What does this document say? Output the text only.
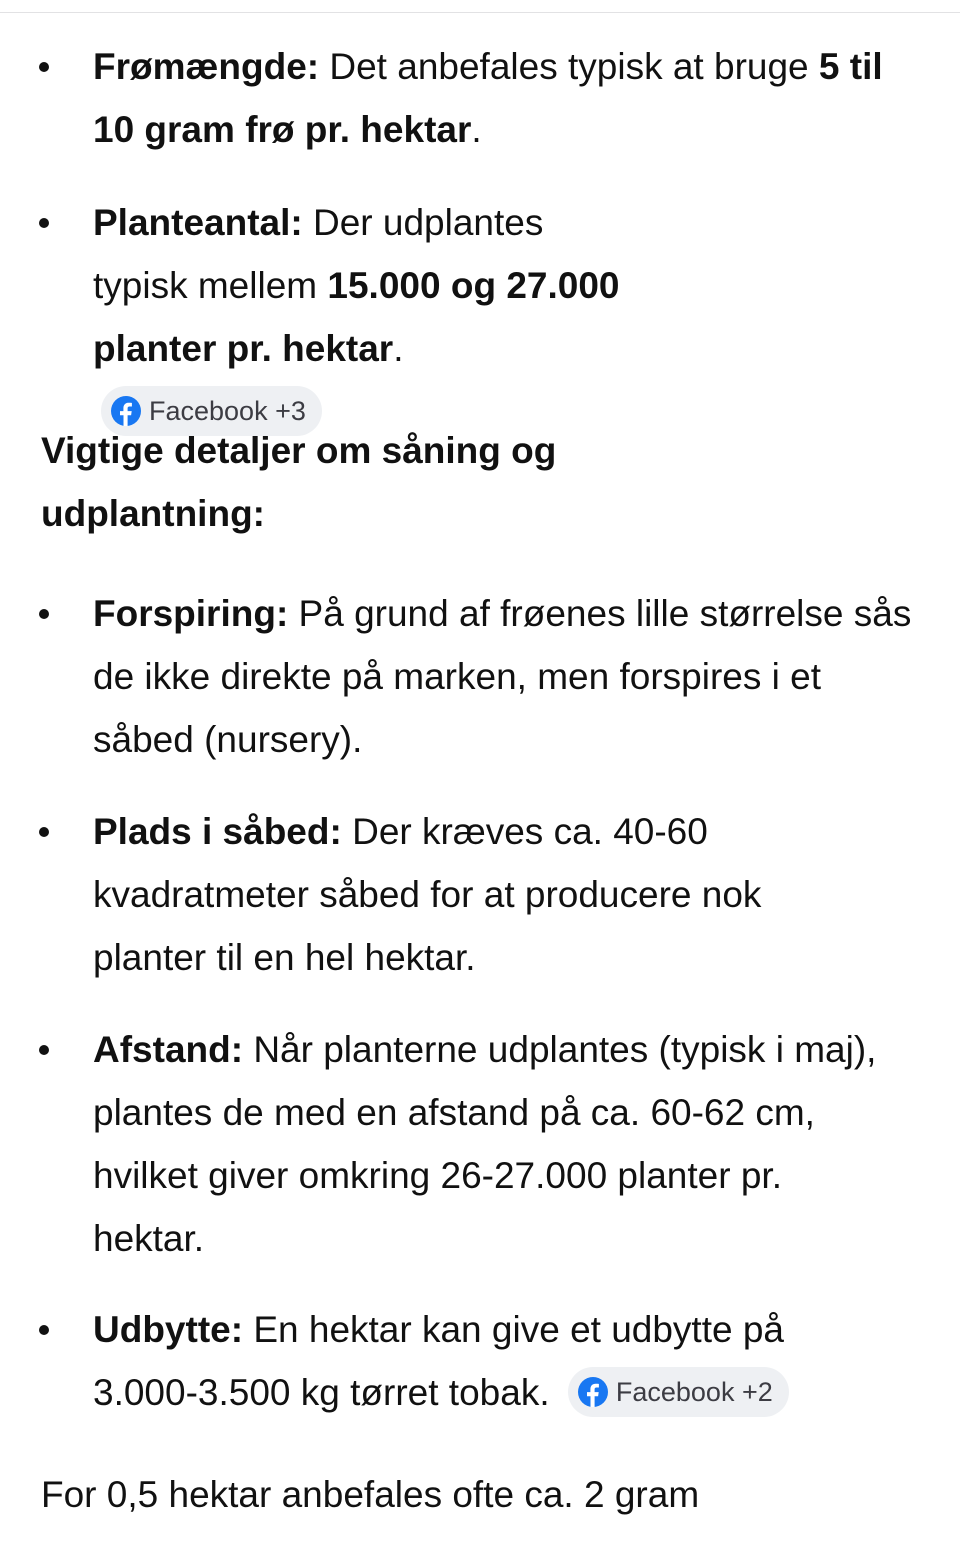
Frømængde: Det anbefales typisk at bruge 5 til 10 gram frø pr. hektar.
Planteantal: Der udplantes typisk mellem 15.000 og 27.000 planter pr. hektar.
Facebook +3
Vigtige detaljer om såning og udplantning:
Forspiring: På grund af frøenes lille størrelse sås de ikke direkte på marken, men forspires i et såbed (nursery).
Plads i såbed: Der kræves ca. 40-60 kvadratmeter såbed for at producere nok planter til en hel hektar.
Afstand: Når planterne udplantes (typisk i maj), plantes de med en afstand på ca. 60-62 cm, hvilket giver omkring 26-27.000 planter pr. hektar.
Udbytte: En hektar kan give et udbytte på 3.000-3.500 kg tørret tobak. Facebook +2
For 0,5 hektar anbefales ofte ca. 2 gram
